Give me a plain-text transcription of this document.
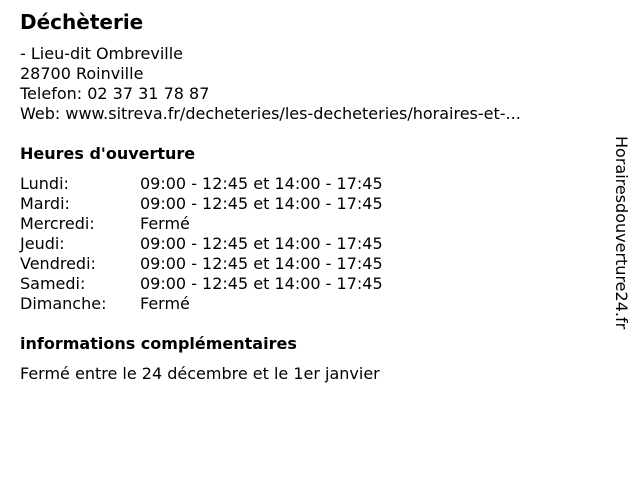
Déchèterie
- Lieu-dit Ombreville
28700 Roinville
Telefon: 02 37 31 78 87
Web: www.sitreva.fr/decheteries/les-decheteries/horaires-et-...
Heures d'ouverture
Lundi:	09:00 - 12:45 et 14:00 - 17:45
Mardi:	09:00 - 12:45 et 14:00 - 17:45
Mercredi:	Fermé
Jeudi:	09:00 - 12:45 et 14:00 - 17:45
Vendredi:	09:00 - 12:45 et 14:00 - 17:45
Samedi:	09:00 - 12:45 et 14:00 - 17:45
Dimanche:	Fermé
informations complémentaires
Fermé entre le 24 décembre et le 1er janvier
Horairesdouverture24.fr
